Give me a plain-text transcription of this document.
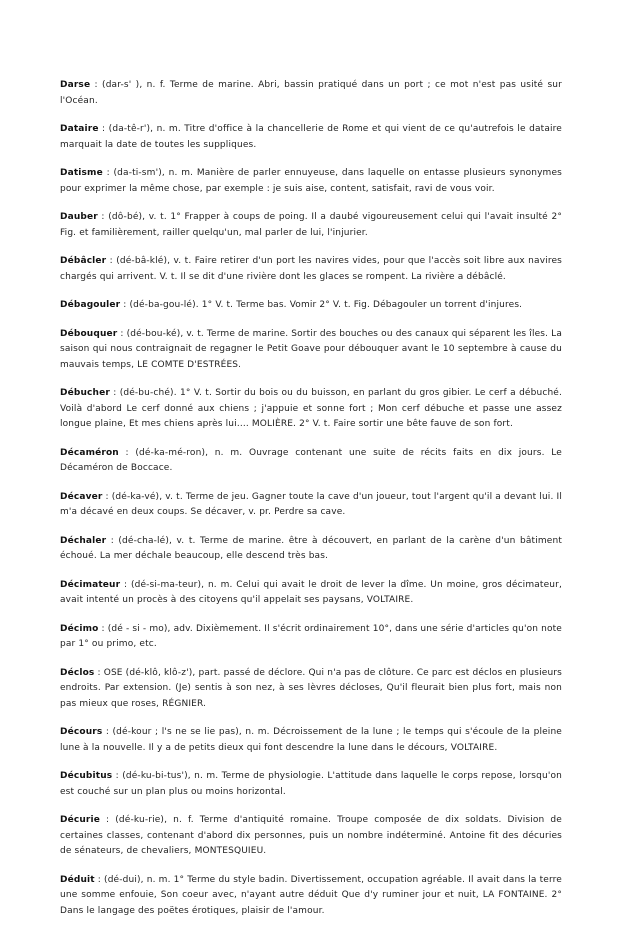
Darse : (dar-s' ), n. f. Terme de marine. Abri, bassin pratiqué dans un port ; ce mot n'est pas usité sur l'Océan.

Dataire : (da-tê-r'), n. m. Titre d'office à la chancellerie de Rome et qui vient de ce qu'autrefois le dataire marquait la date de toutes les suppliques.

Datisme : (da-ti-sm'), n. m. Manière de parler ennuyeuse, dans laquelle on entasse plusieurs synonymes pour exprimer la même chose, par exemple : je suis aise, content, satisfait, ravi de vous voir.

Dauber : (dô-bé), v. t. 1° Frapper à coups de poing. Il a daubé vigoureusement celui qui l'avait insulté 2° Fig. et familièrement, railler quelqu'un, mal parler de lui, l'injurier.

Débâcler : (dé-bâ-klé), v. t. Faire retirer d'un port les navires vides, pour que l'accès soit libre aux navires chargés qui arrivent. V. t. Il se dit d'une rivière dont les glaces se rompent. La rivière a débâclé.

Débagouler : (dé-ba-gou-lé). 1° V. t. Terme bas. Vomir 2° V. t. Fig. Débagouler un torrent d'injures.

Débouquer : (dé-bou-ké), v. t. Terme de marine. Sortir des bouches ou des canaux qui séparent les îles. La saison qui nous contraignait de regagner le Petit Goave pour débouquer avant le 10 septembre à cause du mauvais temps, LE COMTE D'ESTRÉES.

Débucher : (dé-bu-ché). 1° V. t. Sortir du bois ou du buisson, en parlant du gros gibier. Le cerf a débuché. Voilà d'abord Le cerf donné aux chiens ; j'appuie et sonne fort ; Mon cerf débuche et passe une assez longue plaine, Et mes chiens après lui.... MOLIÈRE. 2° V. t. Faire sortir une bête fauve de son fort.

Décaméron : (dé-ka-mé-ron), n. m. Ouvrage contenant une suite de récits faits en dix jours. Le Décaméron de Boccace.

Décaver : (dé-ka-vé), v. t. Terme de jeu. Gagner toute la cave d'un joueur, tout l'argent qu'il a devant lui. Il m'a décavé en deux coups. Se décaver, v. pr. Perdre sa cave.

Déchaler : (dé-cha-lé), v. t. Terme de marine. être à découvert, en parlant de la carène d'un bâtiment échoué. La mer déchale beaucoup, elle descend très bas.

Décimateur : (dé-si-ma-teur), n. m. Celui qui avait le droit de lever la dîme. Un moine, gros décimateur, avait intenté un procès à des citoyens qu'il appelait ses paysans, VOLTAIRE.

Décimo : (dé - si - mo), adv. Dixièmement. Il s'écrit ordinairement 10°, dans une série d'articles qu'on note par 1° ou primo, etc.

Déclos : OSE (dé-klô, klô-z'), part. passé de déclore. Qui n'a pas de clôture. Ce parc est déclos en plusieurs endroits. Par extension. (Je) sentis à son nez, à ses lèvres décloses, Qu'il fleurait bien plus fort, mais non pas mieux que roses, RÉGNIER.

Décours : (dé-kour ; l's ne se lie pas), n. m. Décroissement de la lune ; le temps qui s'écoule de la pleine lune à la nouvelle. Il y a de petits dieux qui font descendre la lune dans le décours, VOLTAIRE.

Décubitus : (dé-ku-bi-tus'), n. m. Terme de physiologie. L'attitude dans laquelle le corps repose, lorsqu'on est couché sur un plan plus ou moins horizontal.

Décurie : (dé-ku-rie), n. f. Terme d'antiquité romaine. Troupe composée de dix soldats. Division de certaines classes, contenant d'abord dix personnes, puis un nombre indéterminé. Antoine fit des décuries de sénateurs, de chevaliers, MONTESQUIEU.

Déduit : (dé-dui), n. m. 1° Terme du style badin. Divertissement, occupation agréable. Il avait dans la terre une somme enfouie, Son coeur avec, n'ayant autre déduit Que d'y ruminer jour et nuit, LA FONTAINE. 2° Dans le langage des poëtes érotiques, plaisir de l'amour.
